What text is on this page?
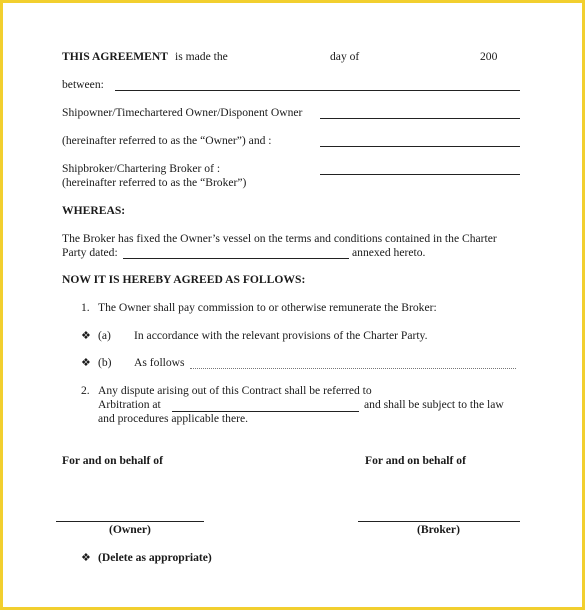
THIS AGREEMENT is made the	day of	200
between:
Shipowner/Timechartered Owner/Disponent Owner
(hereinafter referred to as the “Owner”) and :
Shipbroker/Chartering Broker of :
(hereinafter referred to as the “Broker”)
WHEREAS:
The Broker has fixed the Owner’s vessel on the terms and conditions contained in the Charter
Party dated:	annexed hereto.
NOW IT IS HEREBY AGREED AS FOLLOWS:
1. The Owner shall pay commission to or otherwise remunerate the Broker:
❖ (a) In accordance with the relevant provisions of the Charter Party.
❖ (b) As follows
2. Any dispute arising out of this Contract shall be referred to
Arbitration at	and shall be subject to the law
and procedures applicable there.
For and on behalf of	For and on behalf of
(Owner)	(Broker)
❖ (Delete as appropriate)
